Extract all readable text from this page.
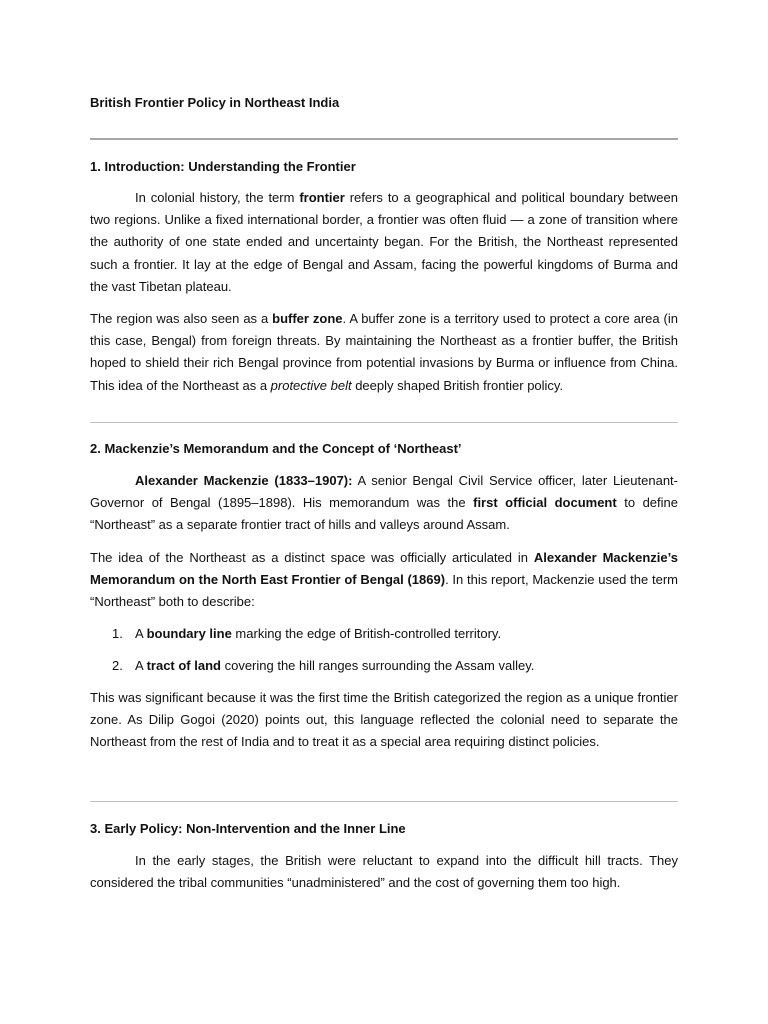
British Frontier Policy in Northeast India
1. Introduction: Understanding the Frontier

In colonial history, the term frontier refers to a geographical and political boundary between two regions. Unlike a fixed international border, a frontier was often fluid — a zone of transition where the authority of one state ended and uncertainty began. For the British, the Northeast represented such a frontier. It lay at the edge of Bengal and Assam, facing the powerful kingdoms of Burma and the vast Tibetan plateau.

The region was also seen as a buffer zone. A buffer zone is a territory used to protect a core area (in this case, Bengal) from foreign threats. By maintaining the Northeast as a frontier buffer, the British hoped to shield their rich Bengal province from potential invasions by Burma or influence from China. This idea of the Northeast as a protective belt deeply shaped British frontier policy.

2. Mackenzie’s Memorandum and the Concept of ‘Northeast’

Alexander Mackenzie (1833–1907): A senior Bengal Civil Service officer, later Lieutenant-Governor of Bengal (1895–1898). His memorandum was the first official document to define “Northeast” as a separate frontier tract of hills and valleys around Assam.

The idea of the Northeast as a distinct space was officially articulated in Alexander Mackenzie’s Memorandum on the North East Frontier of Bengal (1869). In this report, Mackenzie used the term “Northeast” both to describe:

1. A boundary line marking the edge of British-controlled territory.
2. A tract of land covering the hill ranges surrounding the Assam valley.

This was significant because it was the first time the British categorized the region as a unique frontier zone. As Dilip Gogoi (2020) points out, this language reflected the colonial need to separate the Northeast from the rest of India and to treat it as a special area requiring distinct policies.

3. Early Policy: Non-Intervention and the Inner Line

In the early stages, the British were reluctant to expand into the difficult hill tracts. They considered the tribal communities “unadministered” and the cost of governing them too high.
